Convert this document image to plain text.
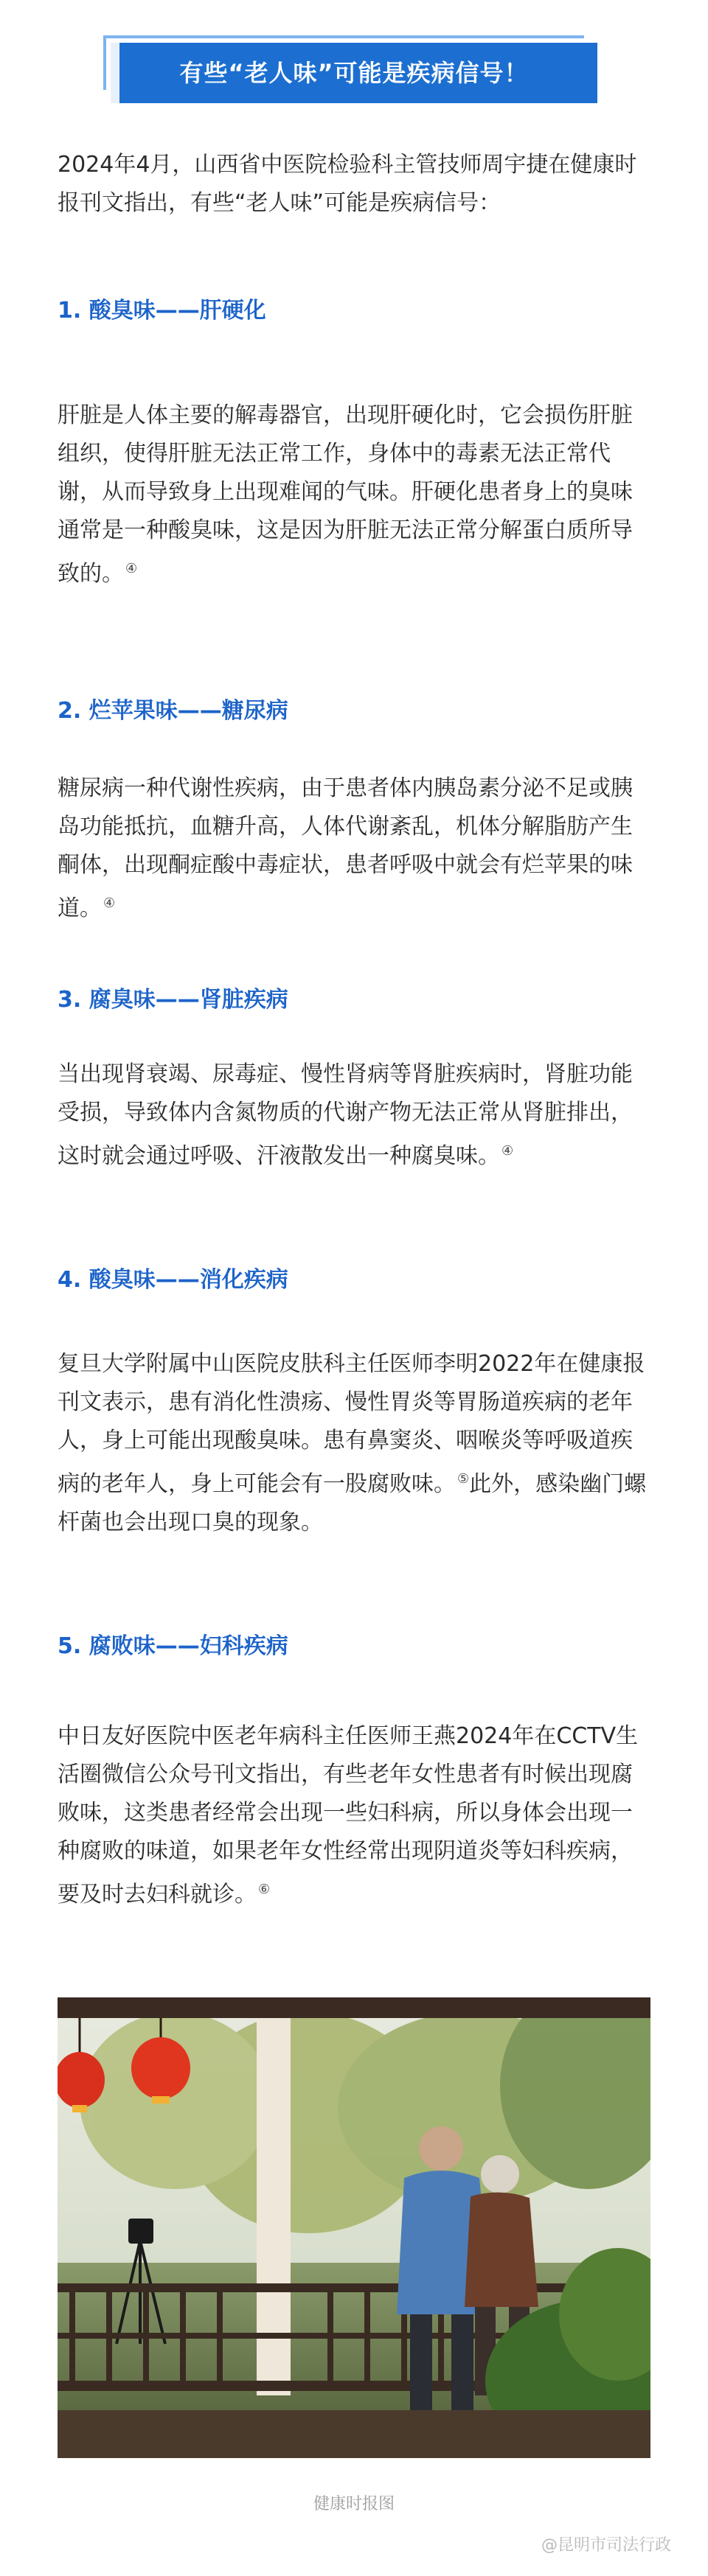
有些“老人味”可能是疾病信号！
2024年4月，山西省中医院检验科主管技师周宇捷在健康时报刊文指出，有些“老人味”可能是疾病信号：
1. 酸臭味——肝硬化
肝脏是人体主要的解毒器官，出现肝硬化时，它会损伤肝脏组织，使得肝脏无法正常工作，身体中的毒素无法正常代谢，从而导致身上出现难闻的气味。肝硬化患者身上的臭味通常是一种酸臭味，这是因为肝脏无法正常分解蛋白质所导致的。 ④
2. 烂苹果味——糖尿病
糖尿病一种代谢性疾病，由于患者体内胰岛素分泌不足或胰岛功能抵抗，血糖升高，人体代谢紊乱，机体分解脂肪产生酮体，出现酮症酸中毒症状，患者呼吸中就会有烂苹果的味道。 ④
3. 腐臭味——肾脏疾病
当出现肾衰竭、尿毒症、慢性肾病等肾脏疾病时，肾脏功能受损，导致体内含氮物质的代谢产物无法正常从肾脏排出，这时就会通过呼吸、汗液散发出一种腐臭味。 ④
4. 酸臭味——消化疾病
复旦大学附属中山医院皮肤科主任医师李明2022年在健康报刊文表示，患有消化性溃疡、慢性胃炎等胃肠道疾病的老年人，身上可能出现酸臭味。患有鼻窦炎、咽喉炎等呼吸道疾病的老年人，身上可能会有一股腐败味。 ⑤此外，感染幽门螺杆菌也会出现口臭的现象。
5. 腐败味——妇科疾病
中日友好医院中医老年病科主任医师王燕2024年在CCTV生活圈微信公众号刊文指出，有些老年女性患者有时候出现腐败味，这类患者经常会出现一些妇科病，所以身体会出现一种腐败的味道，如果老年女性经常出现阴道炎等妇科疾病，要及时去妇科就诊。 ⑥
健康时报图
@昆明市司法行政
